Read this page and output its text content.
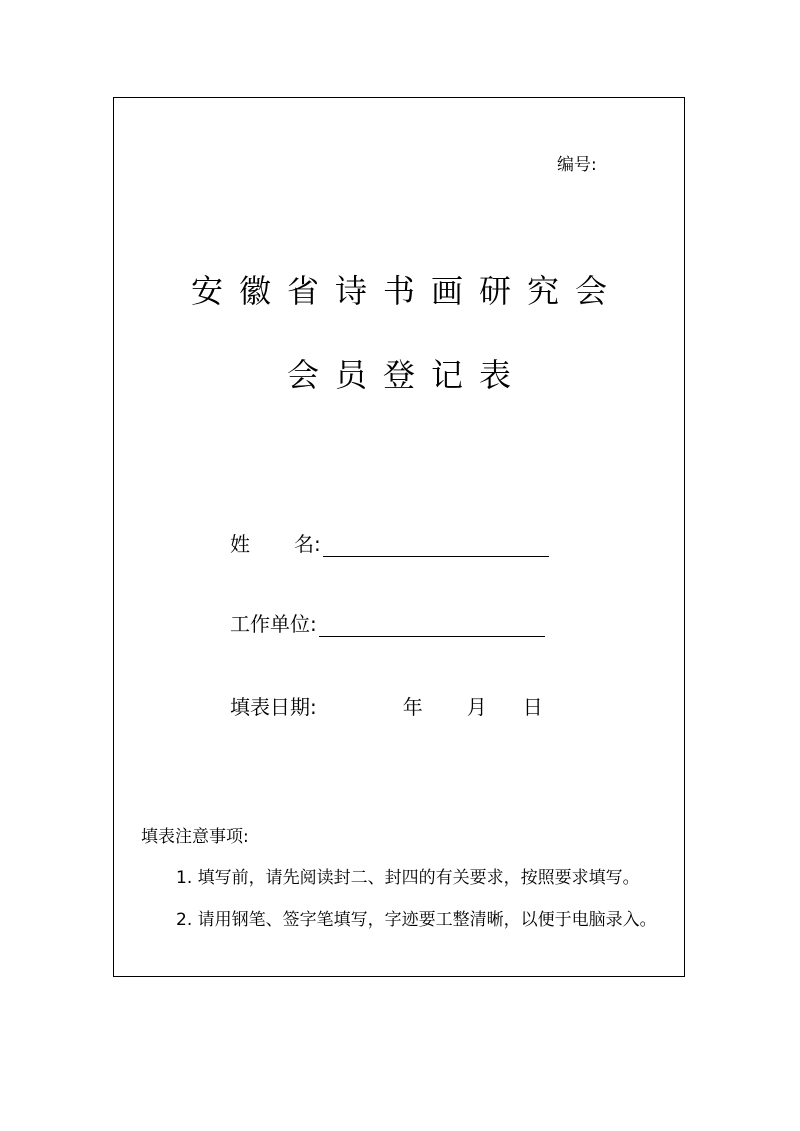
编号:
安徽省诗书画研究会
会员登记表
姓 名:
工作单位:
填表日期:	年 月 日
填表注意事项:
1. 填写前，请先阅读封二、封四的有关要求，按照要求填写。
2. 请用钢笔、签字笔填写，字迹要工整清晰，以便于电脑录入。
